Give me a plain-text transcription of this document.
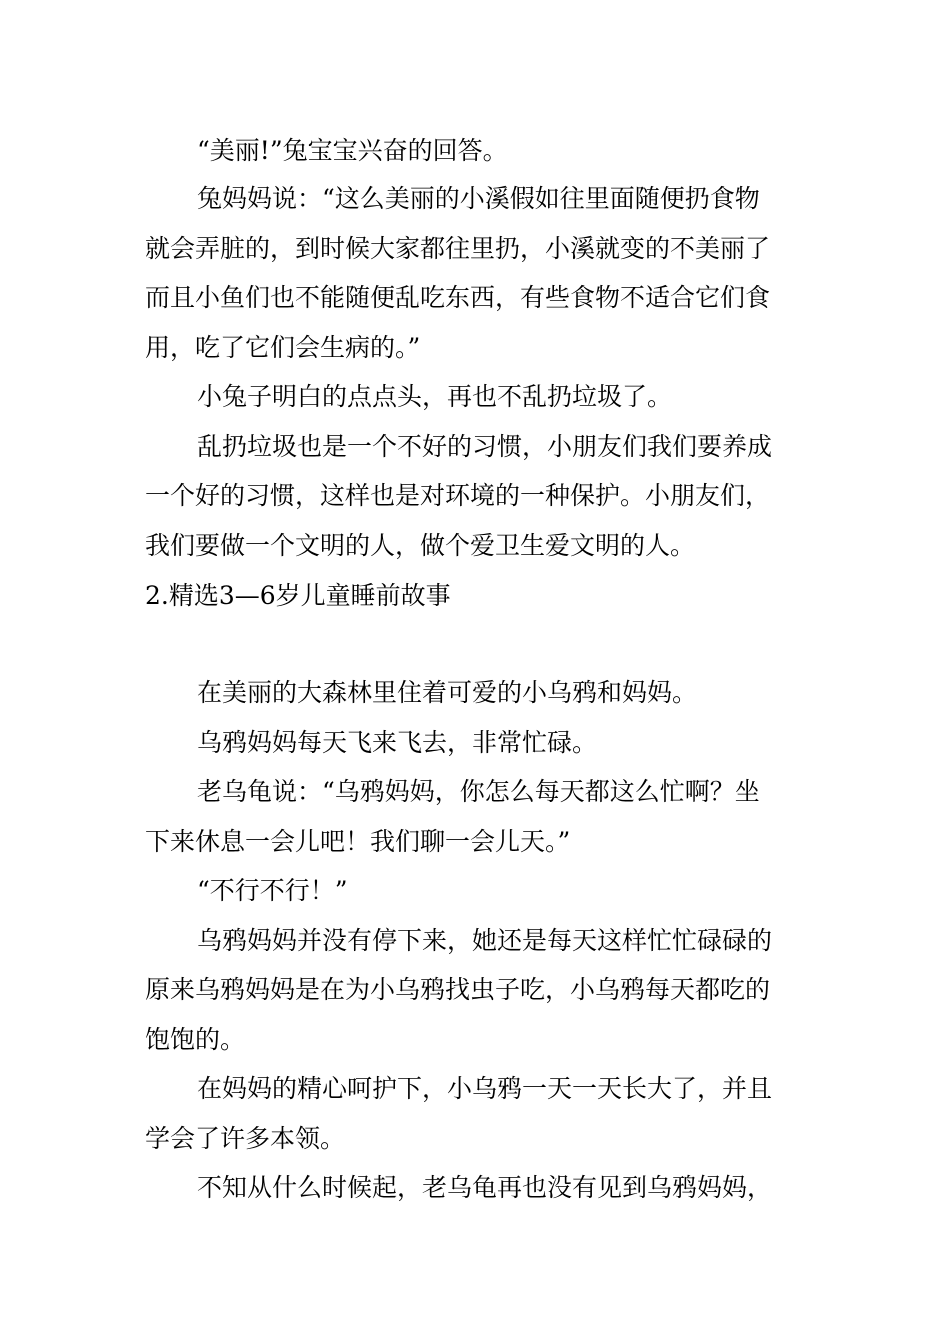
“美丽!”兔宝宝兴奋的回答。
兔妈妈说：“这么美丽的小溪假如往里面随便扔食物
就会弄脏的，到时候大家都往里扔，小溪就变的不美丽了
而且小鱼们也不能随便乱吃东西，有些食物不适合它们食
用，吃了它们会生病的。”
小兔子明白的点点头，再也不乱扔垃圾了。
乱扔垃圾也是一个不好的习惯，小朋友们我们要养成
一个好的习惯，这样也是对环境的一种保护。小朋友们，
我们要做一个文明的人，做个爱卫生爱文明的人。
2.精选3—6岁儿童睡前故事
在美丽的大森林里住着可爱的小乌鸦和妈妈。
乌鸦妈妈每天飞来飞去，非常忙碌。
老乌龟说：“乌鸦妈妈，你怎么每天都这么忙啊？坐
下来休息一会儿吧！我们聊一会儿天。”
“不行不行！”
乌鸦妈妈并没有停下来，她还是每天这样忙忙碌碌的
原来乌鸦妈妈是在为小乌鸦找虫子吃，小乌鸦每天都吃的
饱饱的。
在妈妈的精心呵护下，小乌鸦一天一天长大了，并且
学会了许多本领。
不知从什么时候起，老乌龟再也没有见到乌鸦妈妈，
